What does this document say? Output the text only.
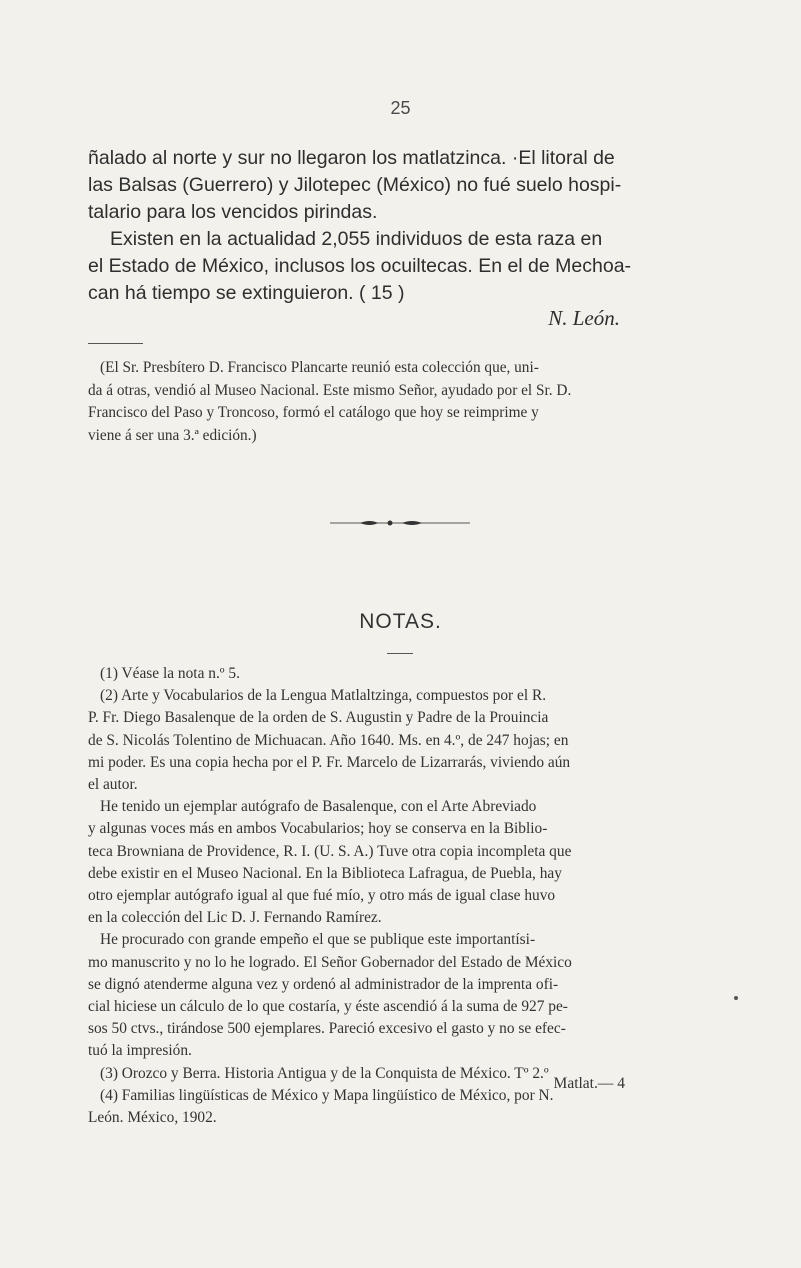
25

ñalado al norte y sur no llegaron los matlatzinca. ·El litoral de
las Balsas (Guerrero) y Jilotepec (México) no fué suelo hospi-
talario para los vencidos pirindas.

Existen en la actualidad 2,055 individuos de esta raza en
el Estado de México, inclusos los ocuiltecas. En el de Mechoa-
can há tiempo se extinguieron. ( 15 )

N. León.
(El Sr. Presbítero D. Francisco Plancarte reunió esta colección que, uni-
da á otras, vendió al Museo Nacional. Este mismo Señor, ayudado por el Sr. D.
Francisco del Paso y Troncoso, formó el catálogo que hoy se reimprime y
viene á ser una 3.ª edición.)
NOTAS.
(1) Véase la nota n.º 5.
(2) Arte y Vocabularios de la Lengua Matlaltzinga, compuestos por el R.
P. Fr. Diego Basalenque de la orden de S. Augustin y Padre de la Prouincia
de S. Nicolás Tolentino de Michuacan. Año 1640. Ms. en 4.º, de 247 hojas; en
mi poder. Es una copia hecha por el P. Fr. Marcelo de Lizarrarás, viviendo aún
el autor.
He tenido un ejemplar autógrafo de Basalenque, con el Arte Abreviado
y algunas voces más en ambos Vocabularios; hoy se conserva en la Biblio-
teca Browniana de Providence, R. I. (U. S. A.) Tuve otra copia incompleta que
debe existir en el Museo Nacional. En la Biblioteca Lafragua, de Puebla, hay
otro ejemplar autógrafo igual al que fué mío, y otro más de igual clase huvo
en la colección del Lic D. J. Fernando Ramírez.
He procurado con grande empeño el que se publique este importantísi-
mo manuscrito y no lo he logrado. El Señor Gobernador del Estado de México
se dignó atenderme alguna vez y ordenó al administrador de la imprenta ofi-
cial hiciese un cálculo de lo que costaría, y éste ascendió á la suma de 927 pe-
sos 50 ctvs., tirándose 500 ejemplares. Pareció excesivo el gasto y no se efec-
tuó la impresión.
(3) Orozco y Berra. Historia Antigua y de la Conquista de México. Tº 2.º
(4) Familias lingüísticas de México y Mapa lingüístico de México, por N.
León. México, 1902.
Matlat.— 4
